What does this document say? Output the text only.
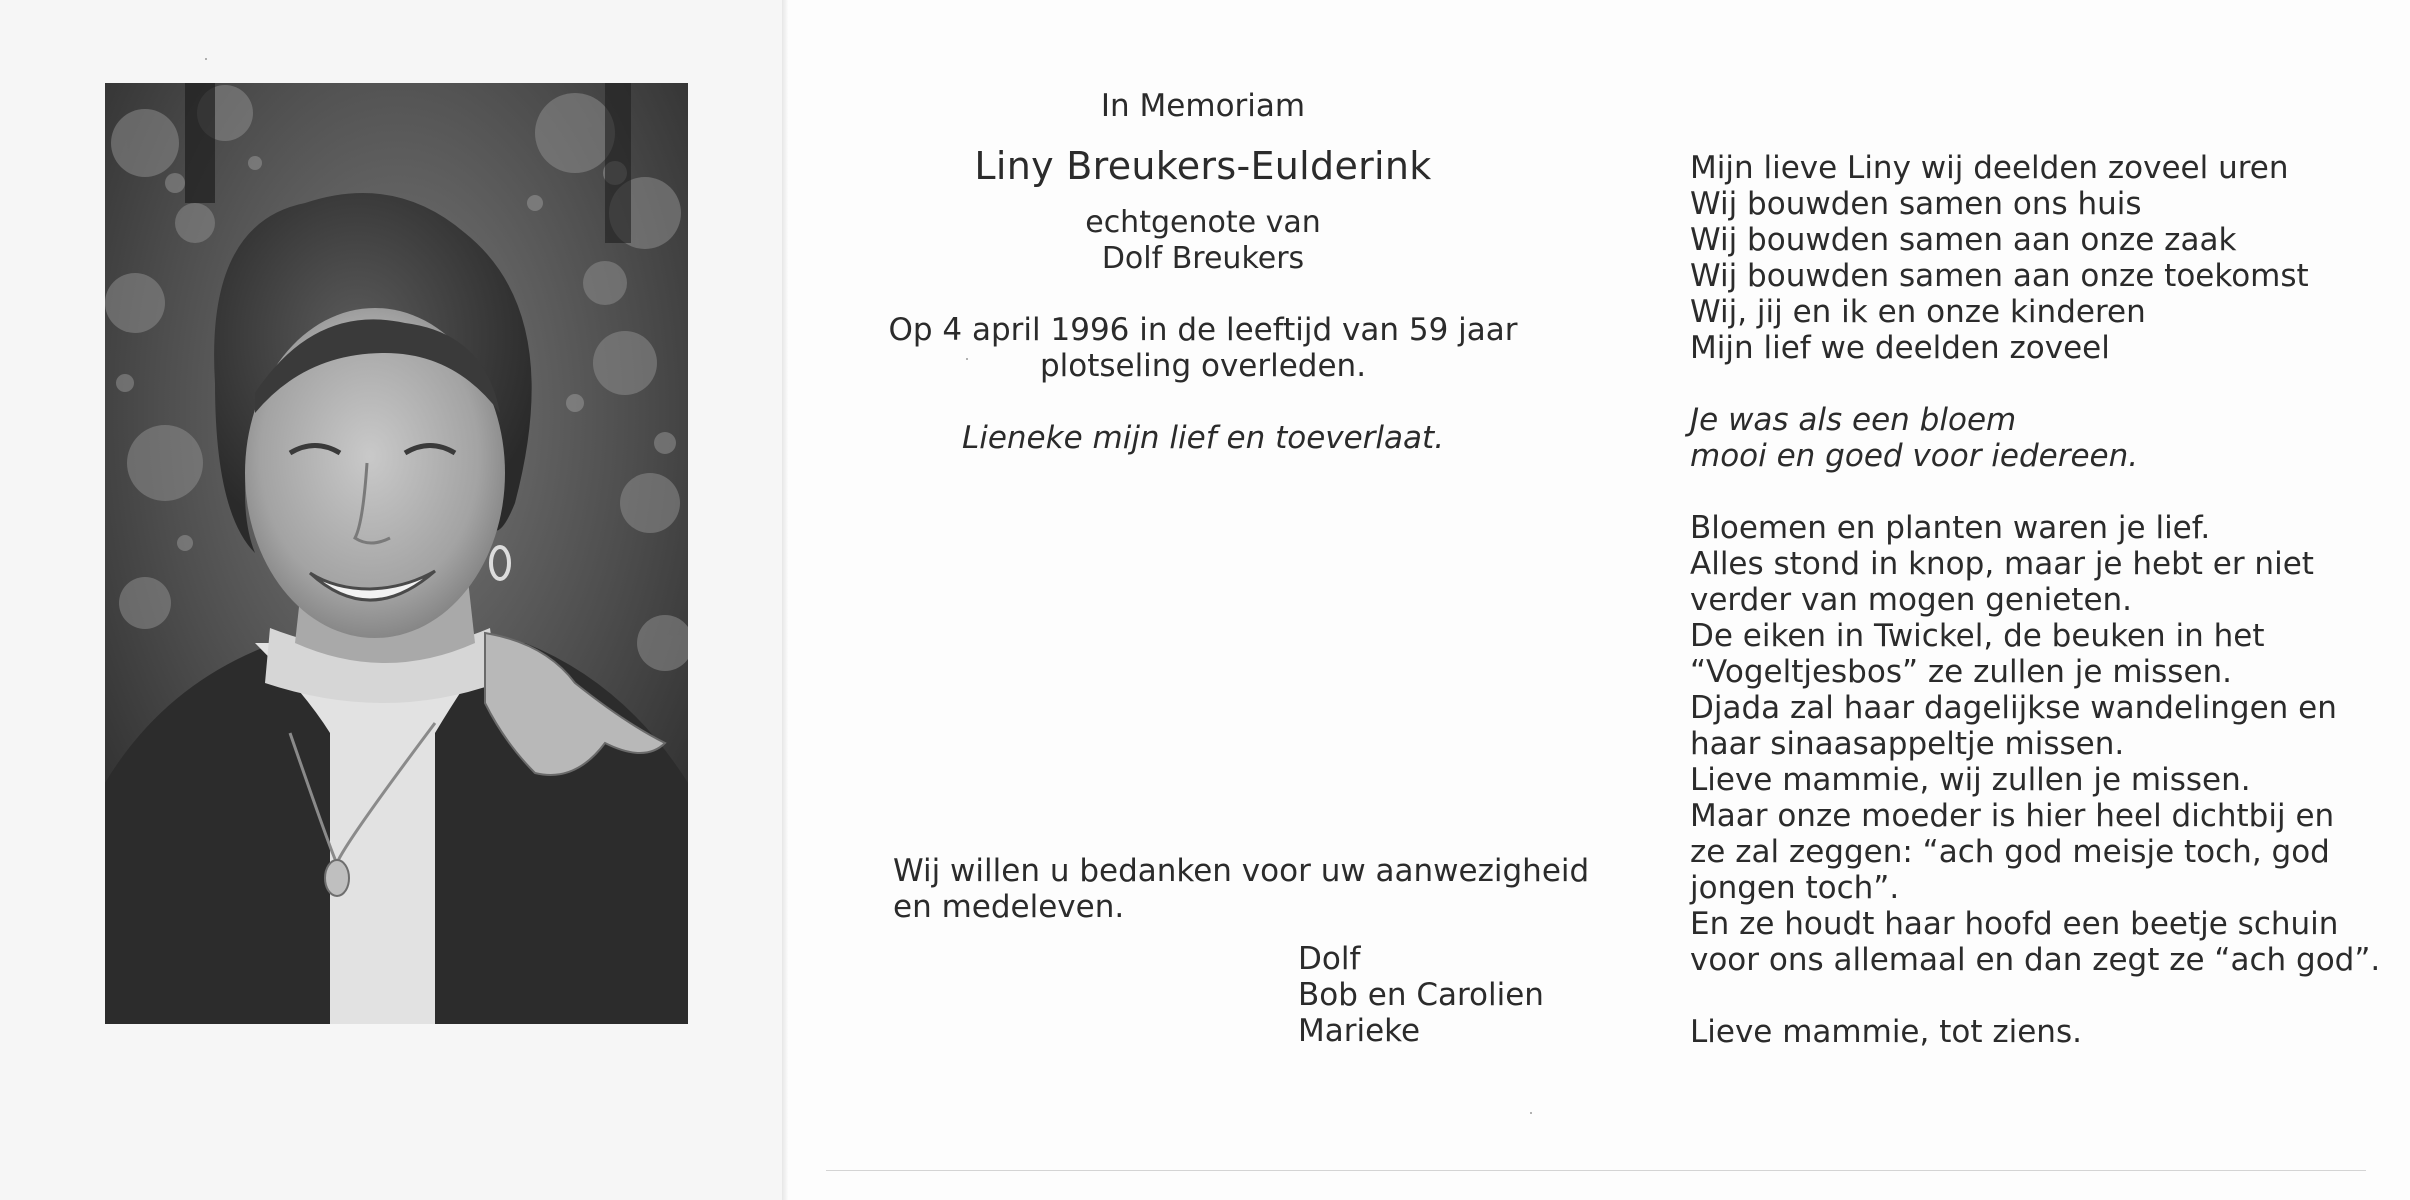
In Memoriam
Liny Breukers-Eulderink
echtgenote van
Dolf Breukers
Op 4 april 1996 in de leeftijd van 59 jaar
plotseling overleden.
Lieneke mijn lief en toeverlaat.
Wij willen u bedanken voor uw aanwezigheid
en medeleven.
Dolf
Bob en Carolien
Marieke
Mijn lieve Liny wij deelden zoveel uren
Wij bouwden samen ons huis
Wij bouwden samen aan onze zaak
Wij bouwden samen aan onze toekomst
Wij, jij en ik en onze kinderen
Mijn lief we deelden zoveel
Je was als een bloem
mooi en goed voor iedereen.
Bloemen en planten waren je lief.
Alles stond in knop, maar je hebt er niet
verder van mogen genieten.
De eiken in Twickel, de beuken in het
“Vogeltjesbos” ze zullen je missen.
Djada zal haar dagelijkse wandelingen en
haar sinaasappeltje missen.
Lieve mammie, wij zullen je missen.
Maar onze moeder is hier heel dichtbij en
ze zal zeggen: “ach god meisje toch, god
jongen toch”.
En ze houdt haar hoofd een beetje schuin
voor ons allemaal en dan zegt ze “ach god”.
Lieve mammie, tot ziens.
